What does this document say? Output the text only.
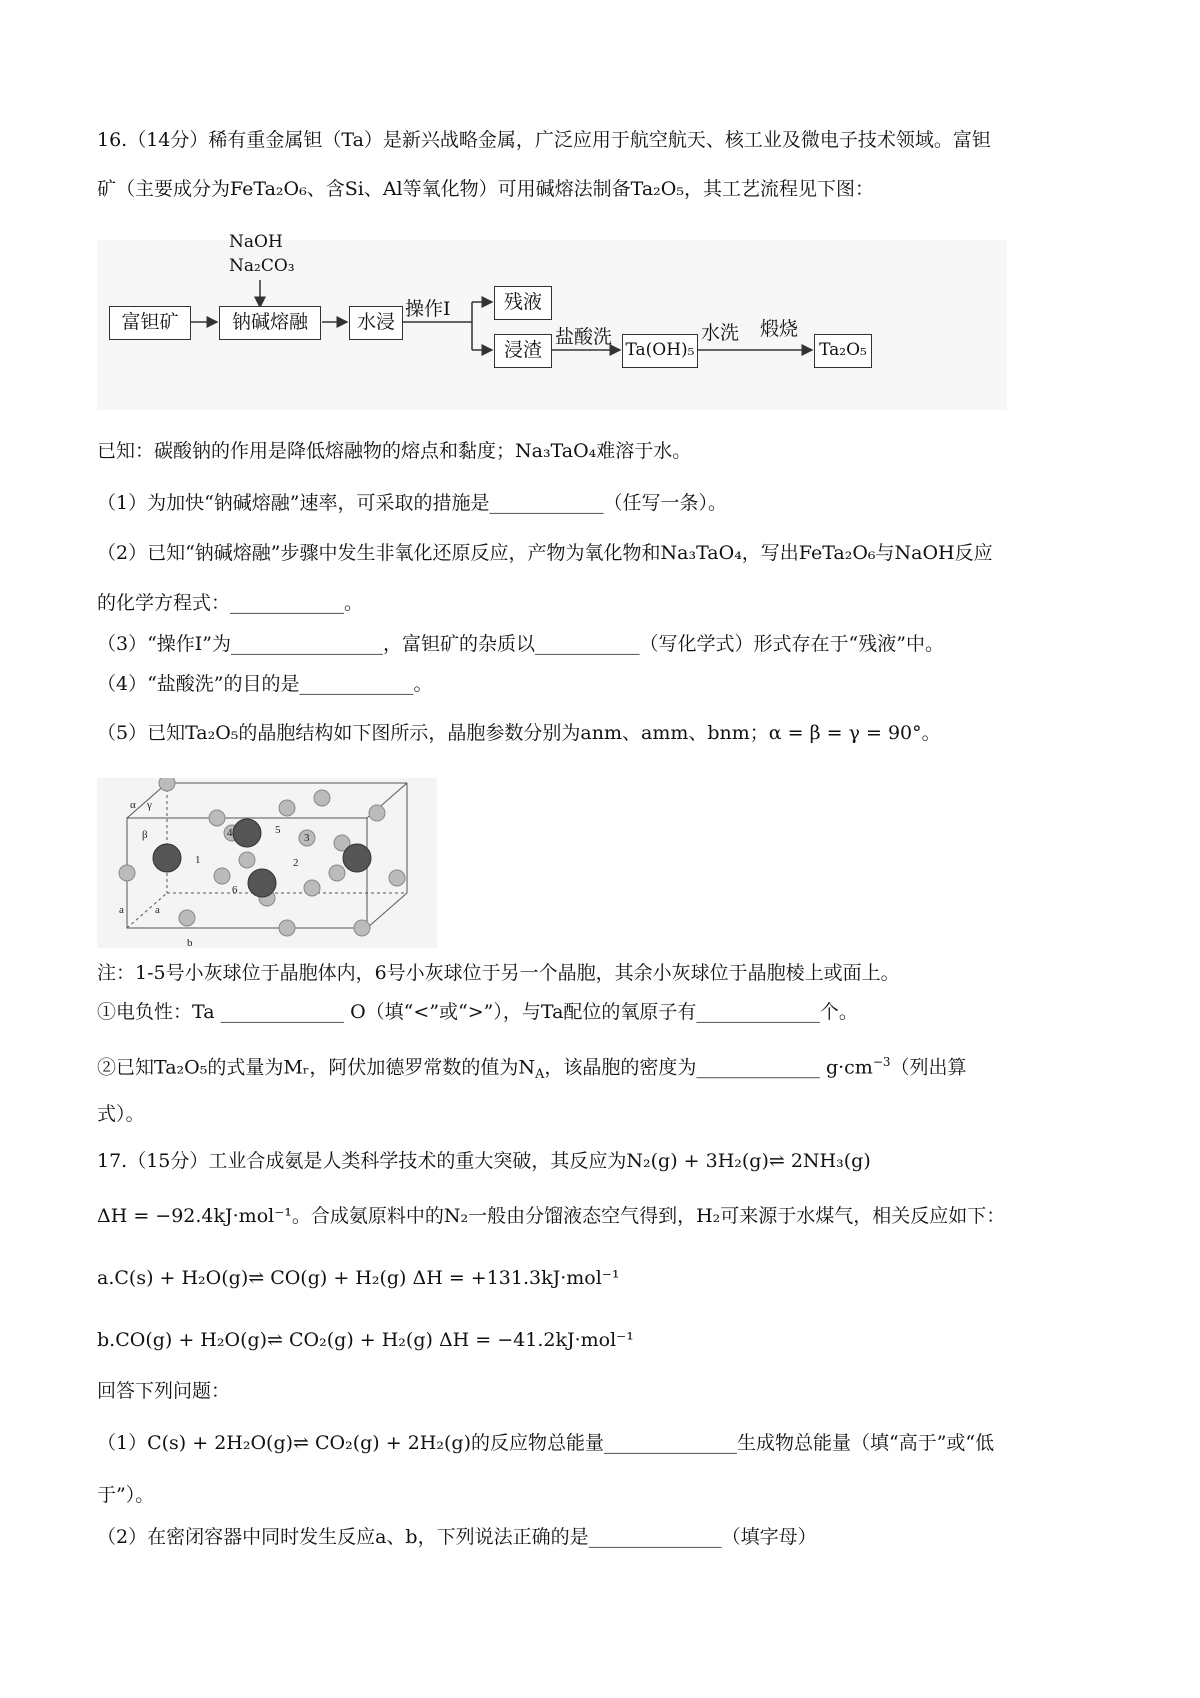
16.（14分）稀有重金属钽（Ta）是新兴战略金属，广泛应用于航空航天、核工业及微电子技术领域。富钽
矿（主要成分为FeTa₂O₆、含Si、Al等氧化物）可用碱熔法制备Ta₂O₅，其工艺流程见下图：
NaOH
Na₂CO₃
富钽矿	钠碱熔融	水浸
操作Ⅰ	残液
浸渣
盐酸洗
Ta(OH)₅
水洗 煅烧
Ta₂O₅
已知：碳酸钠的作用是降低熔融物的熔点和黏度；Na₃TaO₄难溶于水。
（1）为加快“钠碱熔融”速率，可采取的措施是____________（任写一条）。
（2）已知“钠碱熔融”步骤中发生非氧化还原反应，产物为氧化物和Na₃TaO₄，写出FeTa₂O₆与NaOH反应
的化学方程式：____________。
（3）“操作Ⅰ”为________________，富钽矿的杂质以___________（写化学式）形式存在于“残液”中。
（4）“盐酸洗”的目的是____________。
（5）已知Ta₂O₅的晶胞结构如下图所示，晶胞参数分别为anm、amm、bnm；α = β = γ = 90°。
α γ
β	4	5
3
1	2
6
a	a
b
注：1-5号小灰球位于晶胞体内，6号小灰球位于另一个晶胞，其余小灰球位于晶胞棱上或面上。
①电负性：Ta _____________ O（填“<”或“>”），与Ta配位的氧原子有_____________个。
②已知Ta₂O₅的式量为Mᵣ，阿伏加德罗常数的值为$N_A$，该晶胞的密度为_____________ $g\cdot cm^{-3}$（列出算
式）。
17.（15分）工业合成氨是人类科学技术的重大突破，其反应为N₂(g) + 3H₂(g)⇌ 2NH₃(g)
ΔH = −92.4kJ·mol⁻¹。合成氨原料中的N₂一般由分馏液态空气得到，H₂可来源于水煤气，相关反应如下：
a.C(s) + H₂O(g)⇌ CO(g) + H₂(g) ΔH = +131.3kJ·mol⁻¹
b.CO(g) + H₂O(g)⇌ CO₂(g) + H₂(g) ΔH = −41.2kJ·mol⁻¹
回答下列问题：
（1）C(s) + 2H₂O(g)⇌ CO₂(g) + 2H₂(g)的反应物总能量______________生成物总能量（填“高于”或“低
于”）。
（2）在密闭容器中同时发生反应a、b，下列说法正确的是______________（填字母）
